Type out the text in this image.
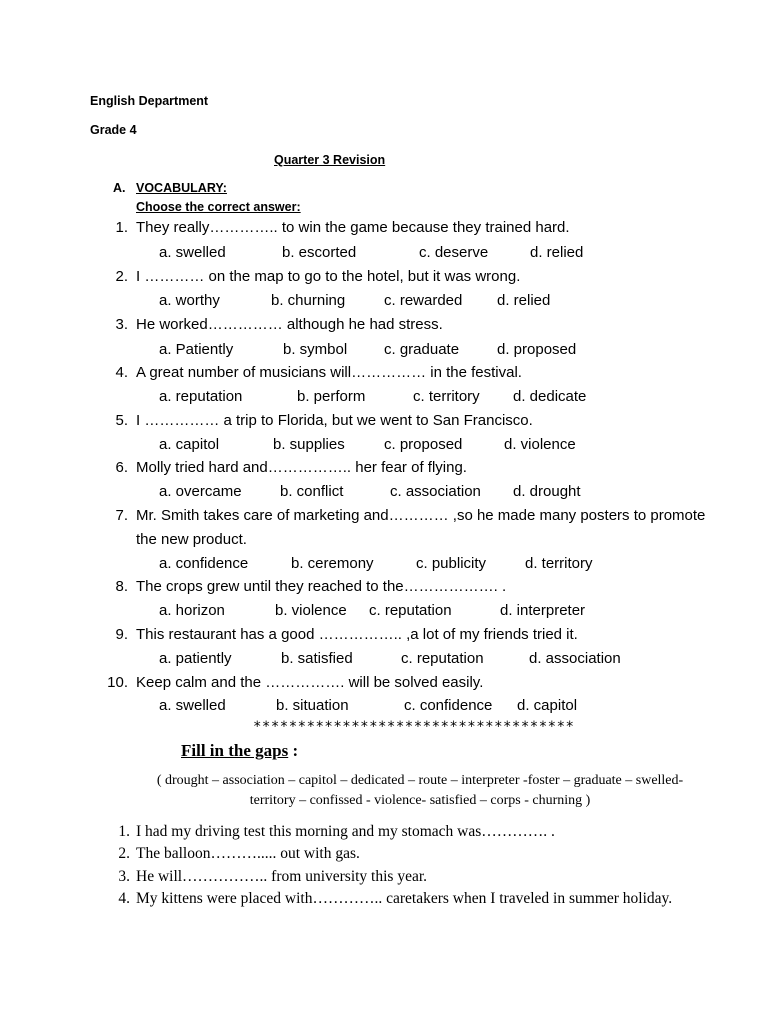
English Department
Grade 4
Quarter 3 Revision
A. VOCABULARY:
Choose the correct answer:
1. They really………….. to win the game because they trained hard.
a. swelled	b. escorted	c. deserve	d. relied
2. I ………… on the map to go to the hotel, but it was wrong.
a. worthy	b. churning	c. rewarded d. relied
3. He worked…………… although he had stress.
a. Patiently	b. symbol c. graduate	d. proposed
4. A great number of musicians will…………… in the festival.
a. reputation	b. perform	c. territory d. dedicate
5. I …………… a trip to Florida, but we went to San Francisco.
a. capitol	b. supplies	c. proposed	d. violence
6. Molly tried hard and…………….. her fear of flying.
a. overcame	b. conflict	c. association d. drought
7. Mr. Smith takes care of marketing and………… ,so he made many posters to promote
the new product.
a. confidence	b. ceremony	c. publicity	d. territory
8. The crops grew until they reached to the………………. .
a. horizon	b. violence c. reputation	d. interpreter
9. This restaurant has a good …………….. ,a lot of my friends tried it.
a. patiently	b. satisfied	c. reputation	d. association
10. Keep calm and the ……………. will be solved easily.
a. swelled	b. situation	c. confidence d. capitol
************************************
Fill in the gaps :
( drought – association – capitol – dedicated – route – interpreter -foster – graduate – swelled-
territory – confissed - violence- satisfied – corps - churning )
1. I had my driving test this morning and my stomach was…………. .
2. The balloon………..... out with gas.
3. He will…………….. from university this year.
4. My kittens were placed with………….. caretakers when I traveled in summer holiday.
